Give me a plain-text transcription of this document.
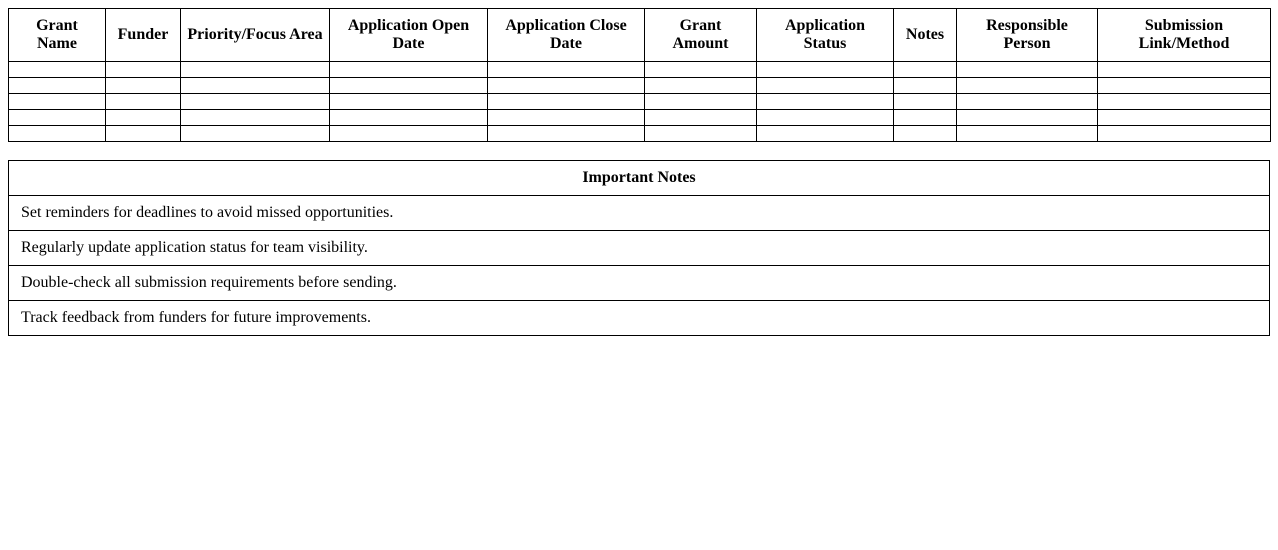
Grant Name	Funder	Priority/Focus Area	Application Open Date	Application Close Date	Grant Amount	Application Status	Notes	Responsible Person	Submission Link/Method

Important Notes
Set reminders for deadlines to avoid missed opportunities.
Regularly update application status for team visibility.
Double-check all submission requirements before sending.
Track feedback from funders for future improvements.
